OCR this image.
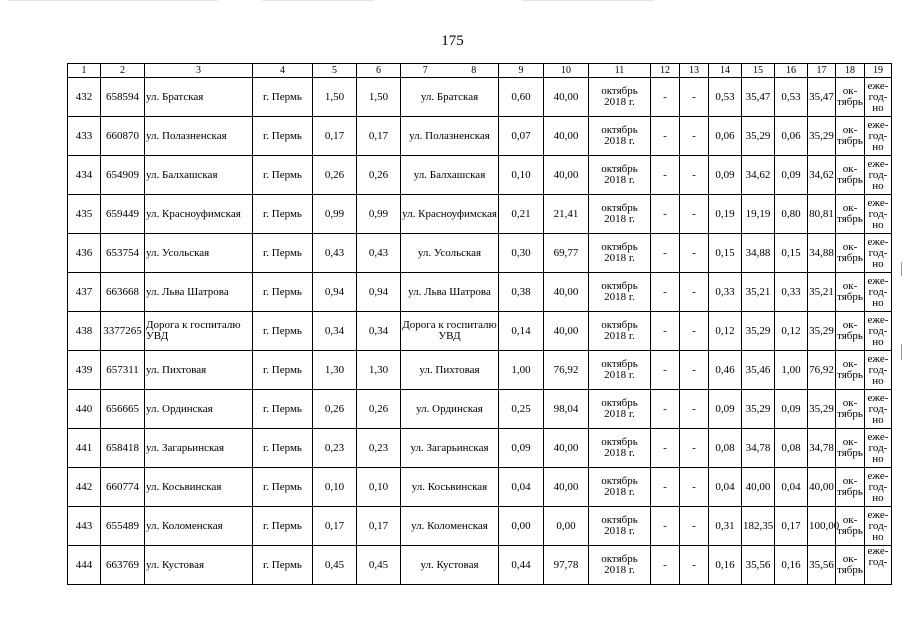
175
1	2	3	4	5	6	7 8	9	10	11	12	13	14	15	16	17	18	19
432	658594	ул. Братская	г. Пермь	1,50	1,50	ул. Братская	0,60	40,00	октябрь 2018 г.	-	-	0,53	35,47	0,53	35,47	ок-тябрь	еже-год-но
433	660870	ул. Полазненская	г. Пермь	0,17	0,17	ул. Полазненская	0,07	40,00	октябрь 2018 г.	-	-	0,06	35,29	0,06	35,29	ок-тябрь	еже-год-но
434	654909	ул. Балхашская	г. Пермь	0,26	0,26	ул. Балхашская	0,10	40,00	октябрь 2018 г.	-	-	0,09	34,62	0,09	34,62	ок-тябрь	еже-год-но
435	659449	ул. Красноуфимская	г. Пермь	0,99	0,99	ул. Красноуфимская	0,21	21,41	октябрь 2018 г.	-	-	0,19	19,19	0,80	80,81	ок-тябрь	еже-год-но
436	653754	ул. Усольская	г. Пермь	0,43	0,43	ул. Усольская	0,30	69,77	октябрь 2018 г.	-	-	0,15	34,88	0,15	34,88	ок-тябрь	еже-год-но
437	663668	ул. Льва Шатрова	г. Пермь	0,94	0,94	ул. Льва Шатрова	0,38	40,00	октябрь 2018 г.	-	-	0,33	35,21	0,33	35,21	ок-тябрь	еже-год-но
438	3377265	Дорога к госпиталю УВД	г. Пермь	0,34	0,34	Дорога к госпиталю УВД	0,14	40,00	октябрь 2018 г.	-	-	0,12	35,29	0,12	35,29	ок-тябрь	еже-год-но
439	657311	ул. Пихтовая	г. Пермь	1,30	1,30	ул. Пихтовая	1,00	76,92	октябрь 2018 г.	-	-	0,46	35,46	1,00	76,92	ок-тябрь	еже-год-но
440	656665	ул. Ординская	г. Пермь	0,26	0,26	ул. Ординская	0,25	98,04	октябрь 2018 г.	-	-	0,09	35,29	0,09	35,29	ок-тябрь	еже-год-но
441	658418	ул. Загарьинская	г. Пермь	0,23	0,23	ул. Загарьинская	0,09	40,00	октябрь 2018 г.	-	-	0,08	34,78	0,08	34,78	ок-тябрь	еже-год-но
442	660774	ул. Косьвинская	г. Пермь	0,10	0,10	ул. Косьвинская	0,04	40,00	октябрь 2018 г.	-	-	0,04	40,00	0,04	40,00	ок-тябрь	еже-год-но
443	655489	ул. Коломенская	г. Пермь	0,17	0,17	ул. Коломенская	0,00	0,00	октябрь 2018 г.	-	-	0,31	182,35	0,17	100,00	ок-тябрь	еже-год-но
444	663769	ул. Кустовая	г. Пермь	0,45	0,45	ул. Кустовая	0,44	97,78	октябрь 2018 г.	-	-	0,16	35,56	0,16	35,56	ок-тябрь	еже-год-
